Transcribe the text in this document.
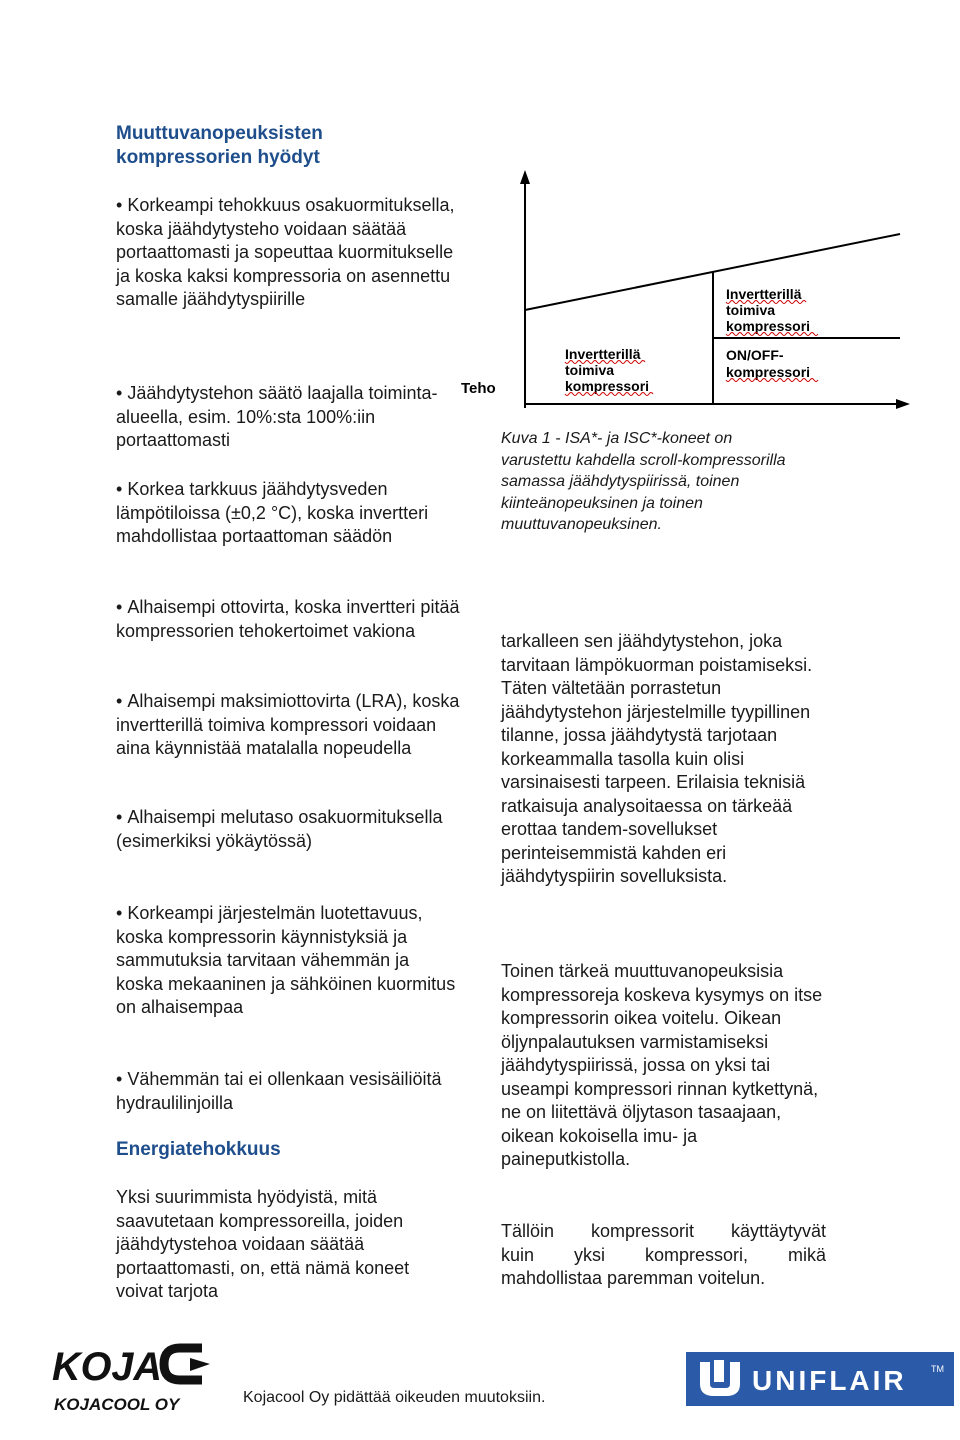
Muuttuvanopeuksisten kompressorien hyödyt

• Korkeampi tehokkuus osakuormituksella, koska jäähdytysteho voidaan säätää portaattomasti ja sopeuttaa kuormitukselle ja koska kaksi kompressoria on asennettu samalle jäähdytyspiirille

• Jäähdytystehon säätö laajalla toiminta-alueella, esim. 10%:sta 100%:iin portaattomasti

• Korkea tarkkuus jäähdytysveden lämpötiloissa (±0,2 °C), koska invertteri mahdollistaa portaattoman säädön

• Alhaisempi ottovirta, koska invertteri pitää kompressorien tehokertoimet vakiona

• Alhaisempi maksimiottovirta (LRA), koska invertterillä toimiva kompressori voidaan aina käynnistää matalalla nopeudella

• Alhaisempi melutaso osakuormituksella (esimerkiksi yökäytössä)

• Korkeampi järjestelmän luotettavuus, koska kompressorin käynnistyksiä ja sammutuksia tarvitaan vähemmän ja koska mekaaninen ja sähköinen kuormitus on alhaisempaa

• Vähemmän tai ei ollenkaan vesisäiliöitä hydraulilinjoilla

Energiatehokkuus

Yksi suurimmista hyödyistä, mitä saavutetaan kompressoreilla, joiden jäähdytystehoa voidaan säätää portaattomasti, on, että nämä koneet voivat tarjota

Teho
Invertterillä
toimiva
kompressori
Invertterillä
toimiva
kompressori
ON/OFF-
kompressori
Kuva 1 - ISA*- ja ISC*-koneet on varustettu kahdella scroll-kompressorilla samassa jäähdytyspiirissä, toinen kiinteänopeuksinen ja toinen muuttuvanopeuksinen.

tarkalleen sen jäähdytystehon, joka tarvitaan lämpökuorman poistamiseksi. Täten vältetään porrastetun jäähdytystehon järjestelmille tyypillinen tilanne, jossa jäähdytystä tarjotaan korkeammalla tasolla kuin olisi varsinaisesti tarpeen. Erilaisia teknisiä ratkaisuja analysoitaessa on tärkeää erottaa tandem-sovellukset perinteisemmistä kahden eri jäähdytyspiirin sovelluksista.

Toinen tärkeä muuttuvanopeuksisia kompressoreja koskeva kysymys on itse kompressorin oikea voitelu. Oikean öljynpalautuksen varmistamiseksi jäähdytyspiirissä, jossa on yksi tai useampi kompressori rinnan kytkettynä, ne on liitettävä öljytason tasaajaan, oikean kokoisella imu- ja paineputkistolla.

Tällöin kompressorit käyttäytyvät
kuin yksi kompressori, mikä
mahdollistaa paremman voitelun.
KOJA
KOJACOOL OY	Kojacool Oy pidättää oikeuden muutoksiin.
UNIFLAIR	TM
